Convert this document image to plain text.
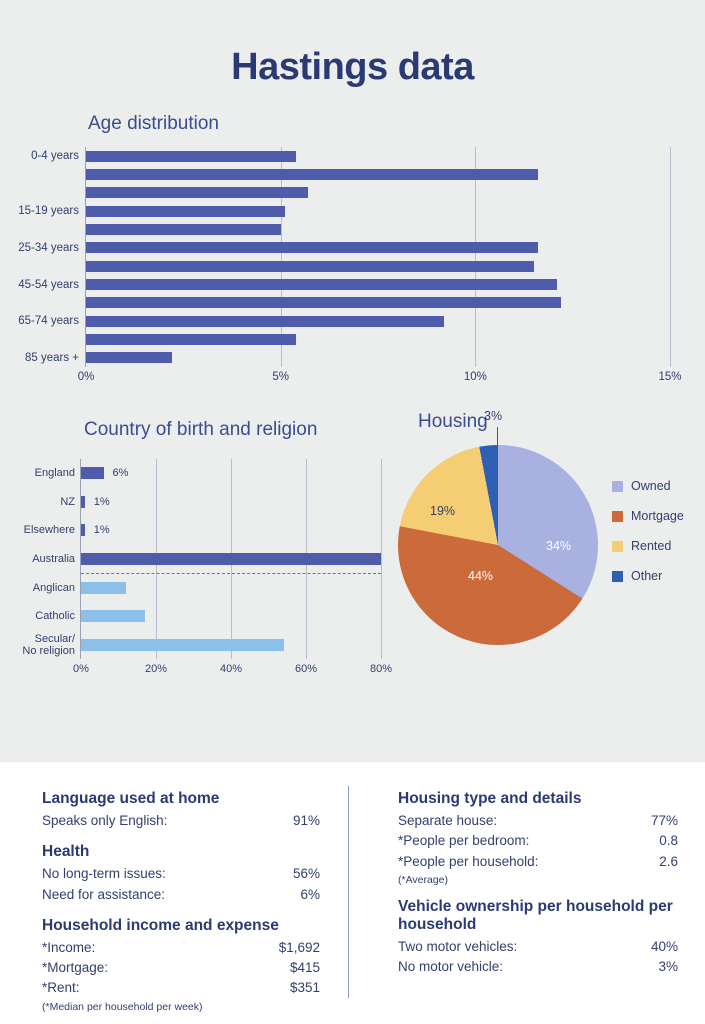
Hastings data
Age distribution
0-4 years
15-19 years
25-34 years
45-54 years
65-74 years
85 years +
0%	5%	10%	15%
Country of birth and religion
England	6%
NZ 1%
Elsewhere 1%
Australia
Anglican
Catholic
Secular/
No religion
0%	20%	40%	60%	80%
Housing
34%
44%
19%
3%
Owned
Mortgage
Rented
Other
Language used at home
Speaks only English:	91%
Health
No long-term issues:	56%
Need for assistance:	6%
Household income and expense
*Income:	$1,692
*Mortgage:	$415
*Rent:	$351
(*Median per household per week)
Housing type and details
Separate house:	77%
*People per bedroom:	0.8
*People per household:	2.6
(*Average)
Vehicle ownership per household per household
Two motor vehicles:	40%
No motor vehicle:	3%
